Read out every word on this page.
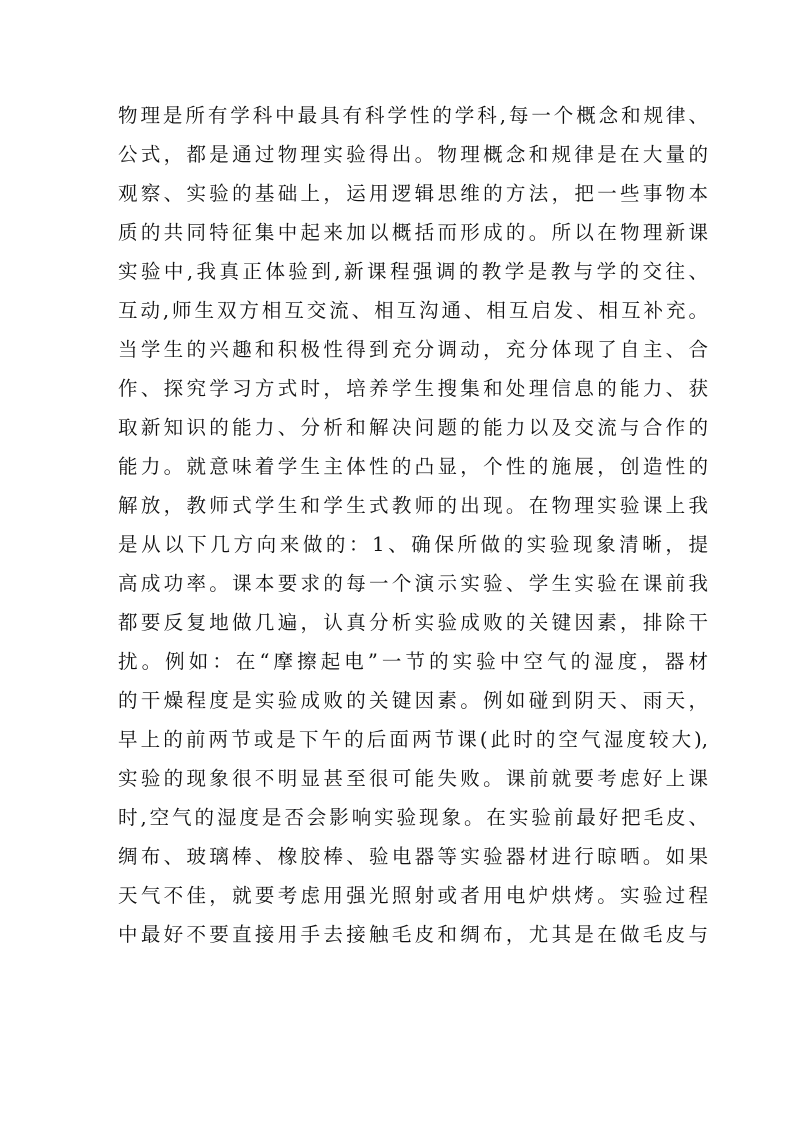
物理是所有学科中最具有科学性的学科,每一个概念和规律、
公式，都是通过物理实验得出。物理概念和规律是在大量的
观察、实验的基础上，运用逻辑思维的方法，把一些事物本
质的共同特征集中起来加以概括而形成的。所以在物理新课
实验中,我真正体验到,新课程强调的教学是教与学的交往、
互动,师生双方相互交流、相互沟通、相互启发、相互补充。
当学生的兴趣和积极性得到充分调动，充分体现了自主、合
作、探究学习方式时，培养学生搜集和处理信息的能力、获
取新知识的能力、分析和解决问题的能力以及交流与合作的
能力。就意味着学生主体性的凸显，个性的施展，创造性的
解放，教师式学生和学生式教师的出现。在物理实验课上我
是从以下几方向来做的：1、确保所做的实验现象清晰，提
高成功率。课本要求的每一个演示实验、学生实验在课前我
都要反复地做几遍，认真分析实验成败的关键因素，排除干
扰。例如：在“摩擦起电”一节的实验中空气的湿度，器材
的干燥程度是实验成败的关键因素。例如碰到阴天、雨天，
早上的前两节或是下午的后面两节课(此时的空气湿度较大),
实验的现象很不明显甚至很可能失败。课前就要考虑好上课
时,空气的湿度是否会影响实验现象。在实验前最好把毛皮、
绸布、玻璃棒、橡胶棒、验电器等实验器材进行晾晒。如果
天气不佳，就要考虑用强光照射或者用电炉烘烤。实验过程
中最好不要直接用手去接触毛皮和绸布，尤其是在做毛皮与
